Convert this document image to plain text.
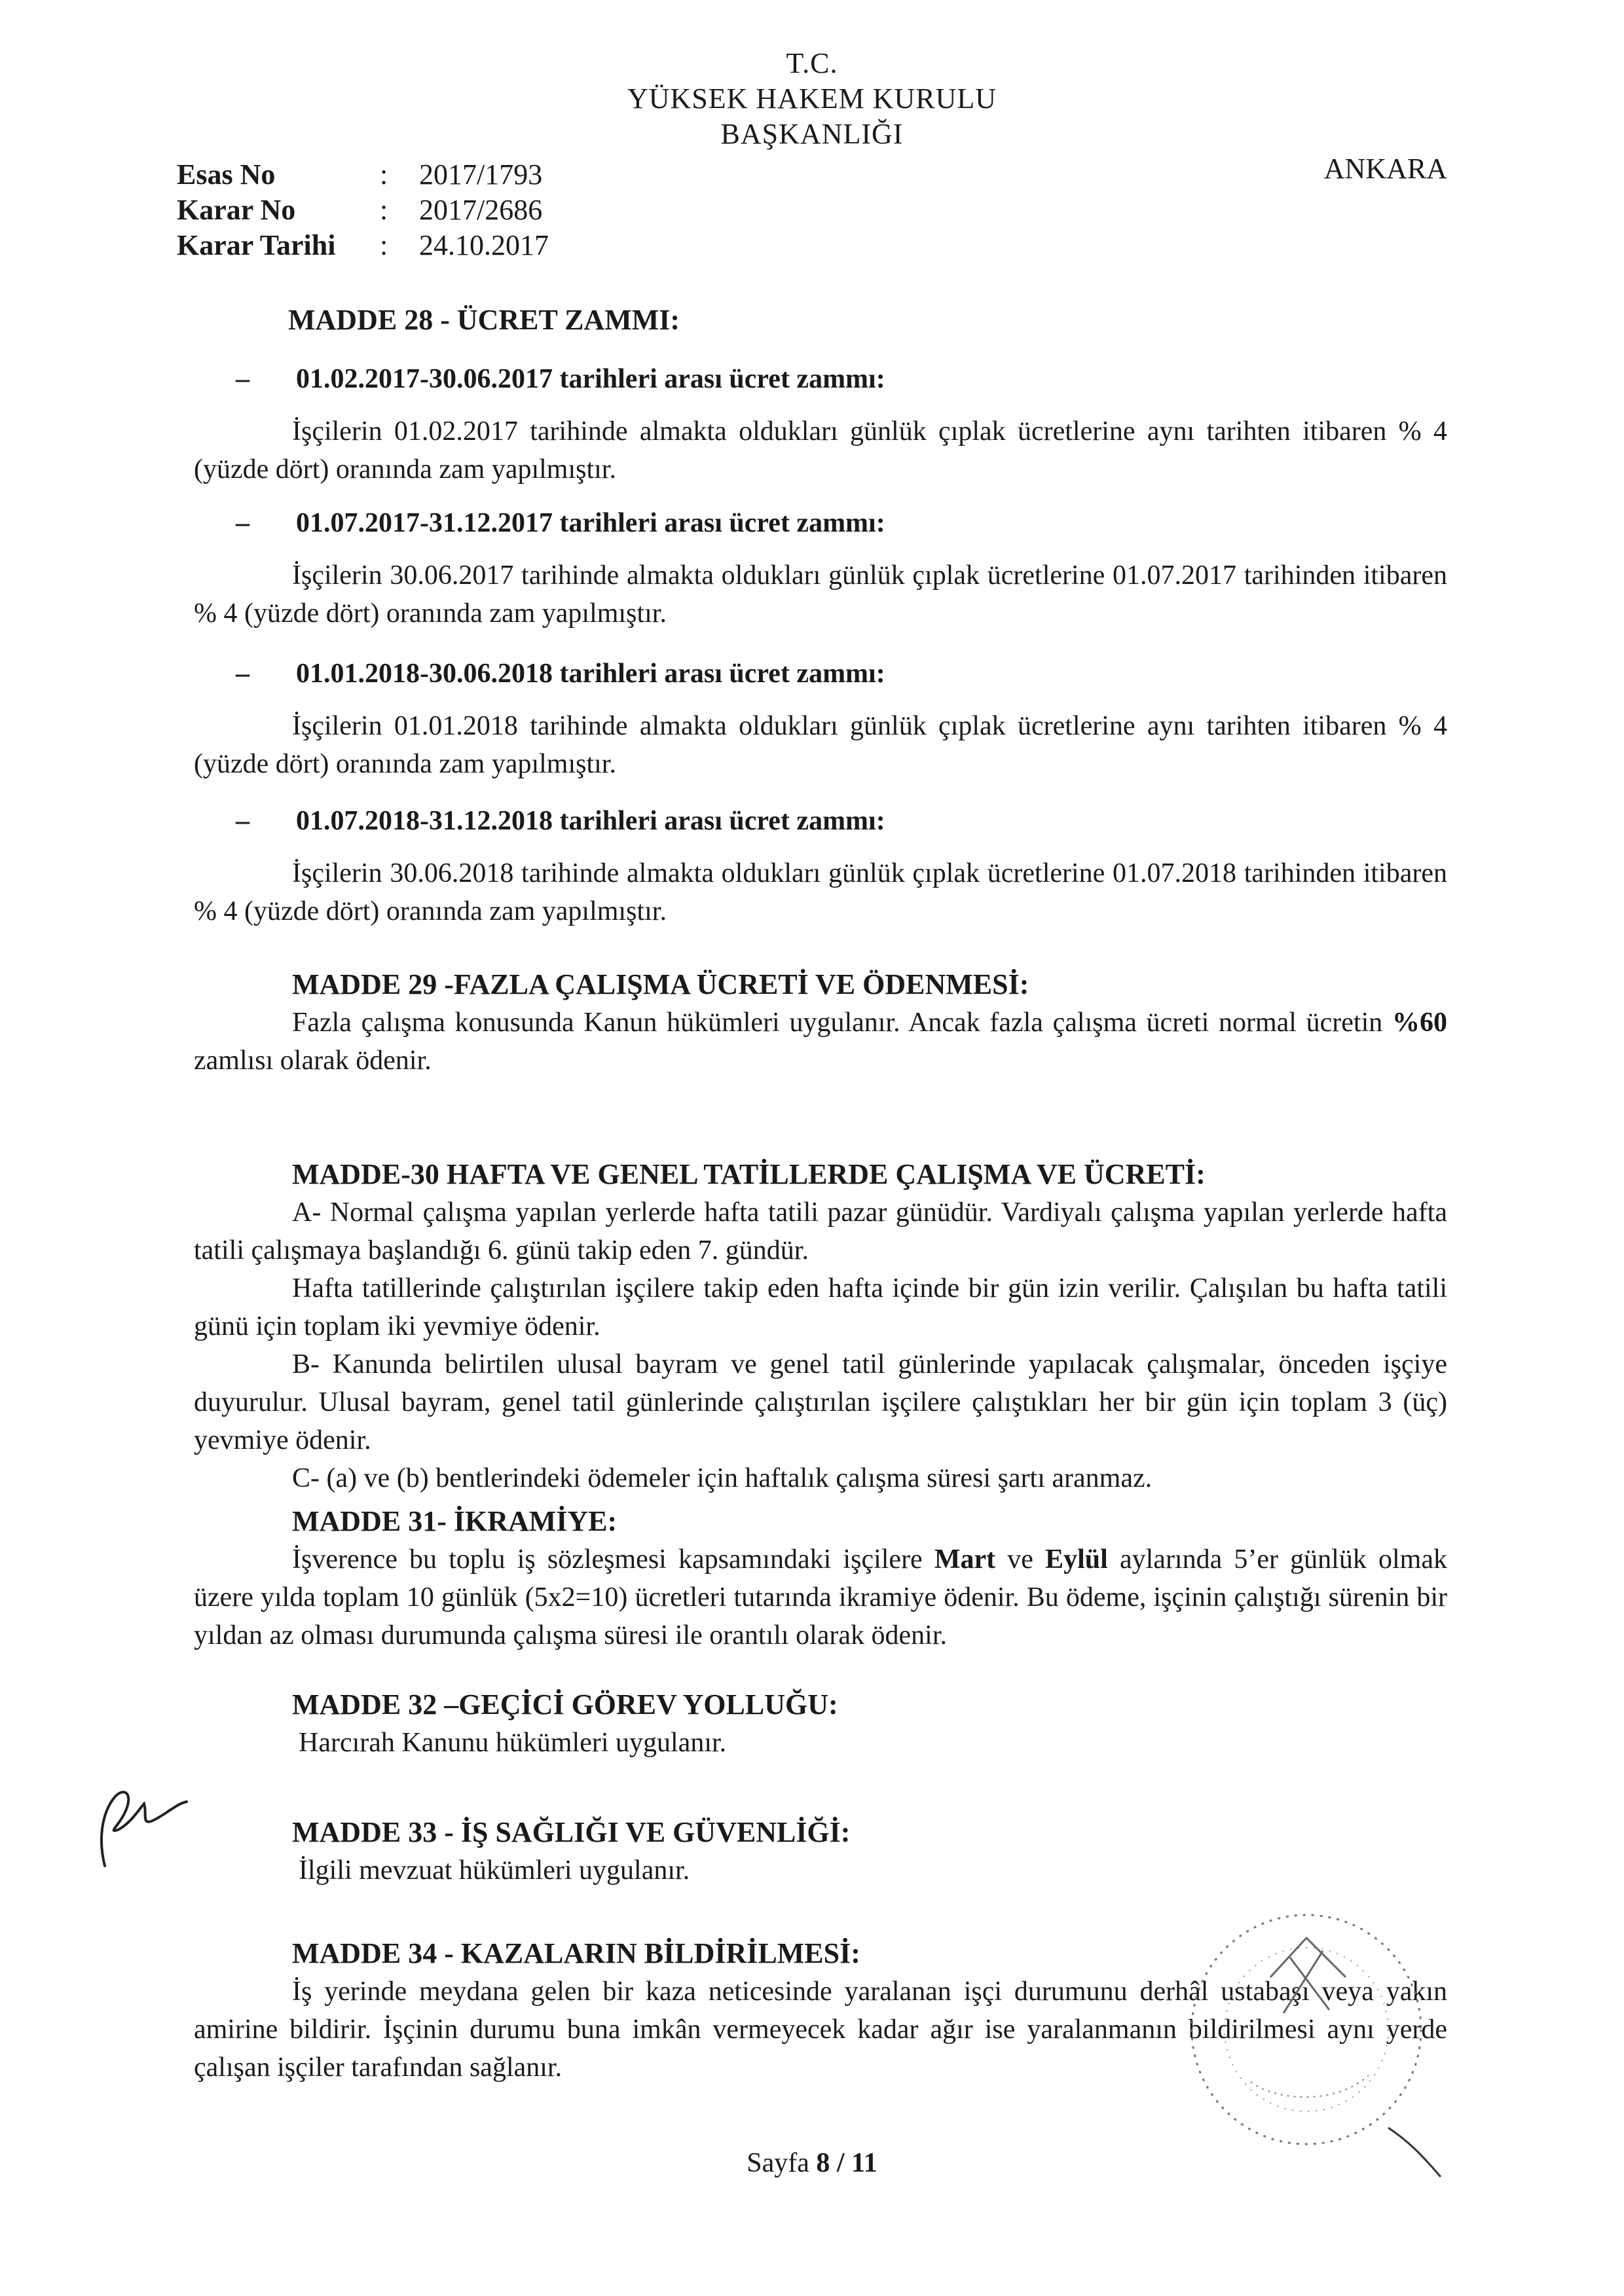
T.C.
YÜKSEK HAKEM KURULU
BAŞKANLIĞI
ANKARA
Esas No	:	2017/1793
Karar No	:	2017/2686
Karar Tarihi	:	24.10.2017
MADDE 28 - ÜCRET ZAMMI:
– 01.02.2017-30.06.2017 tarihleri arası ücret zammı:

İşçilerin 01.02.2017 tarihinde almakta oldukları günlük çıplak ücretlerine aynı tarihten itibaren % 4 (yüzde dört) oranında zam yapılmıştır.

– 01.07.2017-31.12.2017 tarihleri arası ücret zammı:

İşçilerin 30.06.2017 tarihinde almakta oldukları günlük çıplak ücretlerine 01.07.2017 tarihinden itibaren % 4 (yüzde dört) oranında zam yapılmıştır.

– 01.01.2018-30.06.2018 tarihleri arası ücret zammı:

İşçilerin 01.01.2018 tarihinde almakta oldukları günlük çıplak ücretlerine aynı tarihten itibaren % 4 (yüzde dört) oranında zam yapılmıştır.

– 01.07.2018-31.12.2018 tarihleri arası ücret zammı:

İşçilerin 30.06.2018 tarihinde almakta oldukları günlük çıplak ücretlerine 01.07.2018 tarihinden itibaren % 4 (yüzde dört) oranında zam yapılmıştır.

MADDE 29 -FAZLA ÇALIŞMA ÜCRETİ VE ÖDENMESİ:

Fazla çalışma konusunda Kanun hükümleri uygulanır. Ancak fazla çalışma ücreti normal ücretin %60 zamlısı olarak ödenir.

MADDE-30 HAFTA VE GENEL TATİLLERDE ÇALIŞMA VE ÜCRETİ:

A- Normal çalışma yapılan yerlerde hafta tatili pazar günüdür. Vardiyalı çalışma yapılan yerlerde hafta tatili çalışmaya başlandığı 6. günü takip eden 7. gündür.

Hafta tatillerinde çalıştırılan işçilere takip eden hafta içinde bir gün izin verilir. Çalışılan bu hafta tatili günü için toplam iki yevmiye ödenir.

B- Kanunda belirtilen ulusal bayram ve genel tatil günlerinde yapılacak çalışmalar, önceden işçiye duyurulur. Ulusal bayram, genel tatil günlerinde çalıştırılan işçilere çalıştıkları her bir gün için toplam 3 (üç) yevmiye ödenir.

C- (a) ve (b) bentlerindeki ödemeler için haftalık çalışma süresi şartı aranmaz.

MADDE 31- İKRAMİYE:

İşverence bu toplu iş sözleşmesi kapsamındaki işçilere Mart ve Eylül aylarında 5’er günlük olmak üzere yılda toplam 10 günlük (5x2=10) ücretleri tutarında ikramiye ödenir. Bu ödeme, işçinin çalıştığı sürenin bir yıldan az olması durumunda çalışma süresi ile orantılı olarak ödenir.

MADDE 32 –GEÇİCİ GÖREV YOLLUĞU:

Harcırah Kanunu hükümleri uygulanır.

MADDE 33 - İŞ SAĞLIĞI VE GÜVENLİĞİ:

İlgili mevzuat hükümleri uygulanır.

MADDE 34 - KAZALARIN BİLDİRİLMESİ:

İş yerinde meydana gelen bir kaza neticesinde yaralanan işçi durumunu derhâl ustabaşı veya yakın amirine bildirir. İşçinin durumu buna imkân vermeyecek kadar ağır ise yaralanmanın bildirilmesi aynı yerde çalışan işçiler tarafından sağlanır.

Sayfa 8 / 11
